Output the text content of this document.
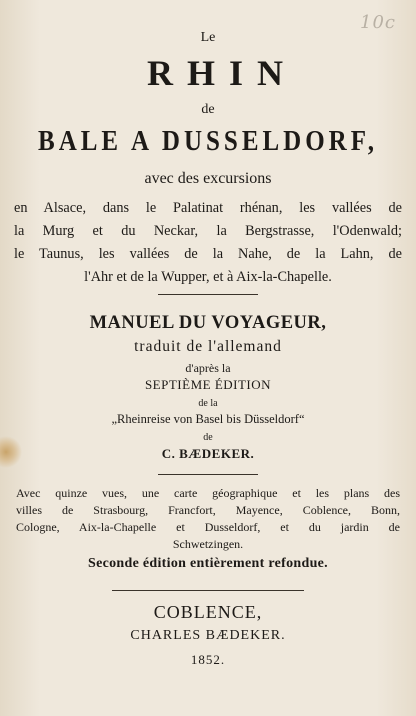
10c
Le
RHIN
de
BALE A DUSSELDORF,
avec des excursions
en Alsace, dans le Palatinat rhénan, les vallées de
la Murg et du Neckar, la Bergstrasse, l'Odenwald;
le Taunus, les vallées de la Nahe, de la Lahn, de
l'Ahr et de la Wupper, et à Aix-la-Chapelle.
MANUEL DU VOYAGEUR,
traduit de l'allemand
d'après la
SEPTIÈME ÉDITION
de la
„Rheinreise von Basel bis Düsseldorf“
de
C. BÆDEKER.
Avec quinze vues, une carte géographique et les plans des
villes de Strasbourg, Francfort, Mayence, Coblence, Bonn,
Cologne, Aix-la-Chapelle et Dusseldorf, et du jardin de
Schwetzingen.
Seconde édition entièrement refondue.
COBLENCE,
CHARLES BÆDEKER.
1852.
